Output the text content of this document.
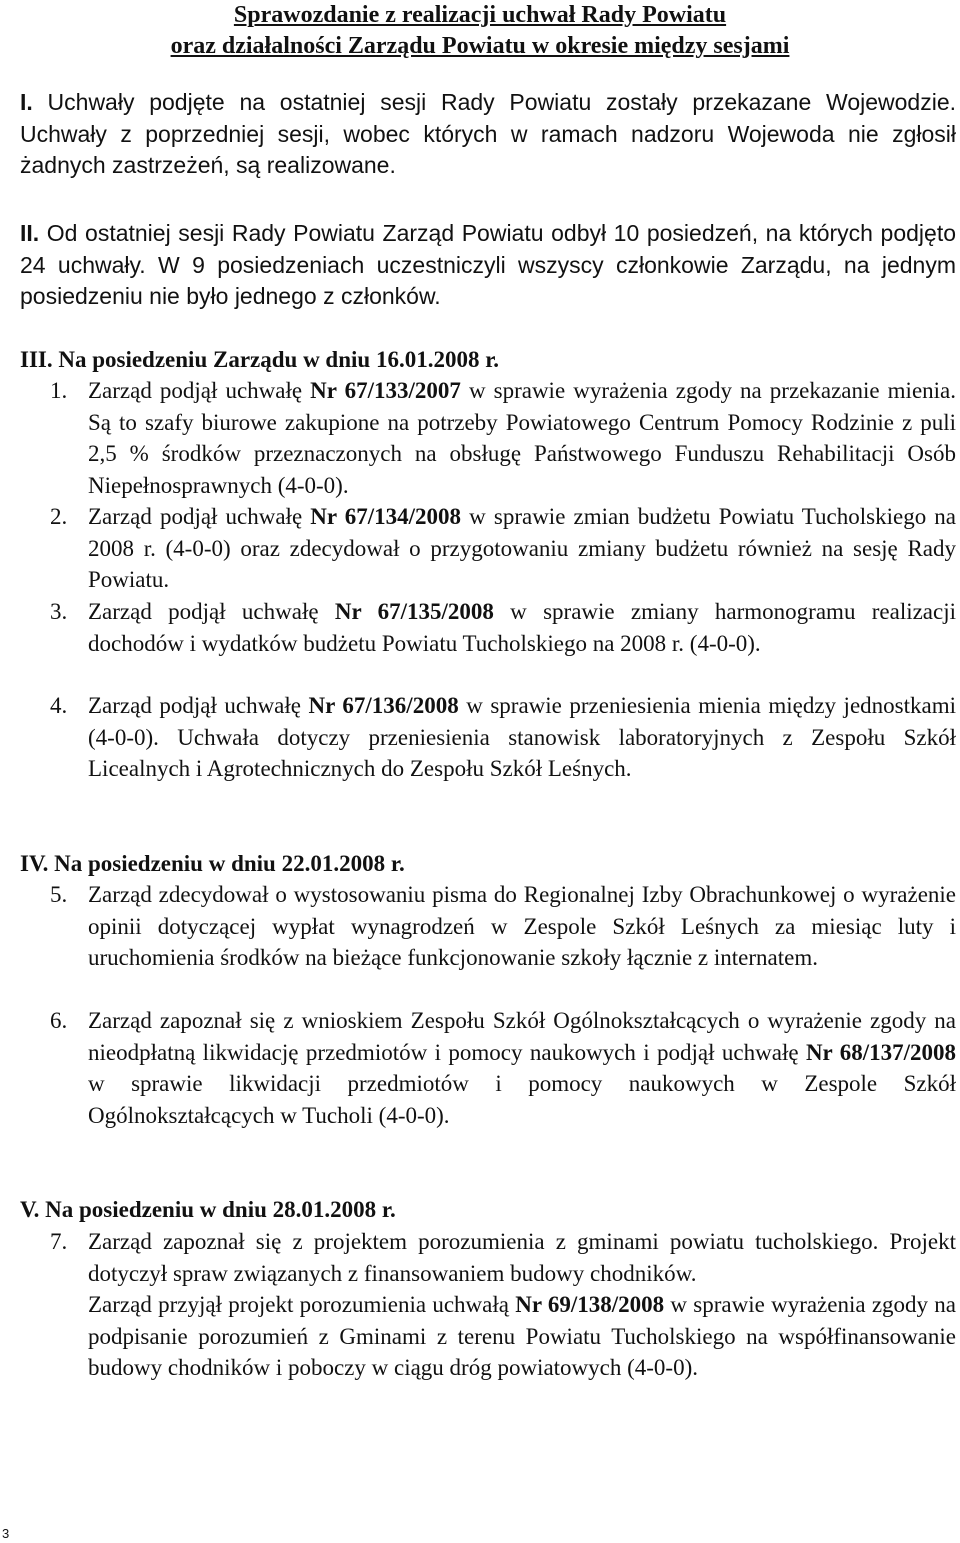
Sprawozdanie z realizacji uchwał Rady Powiatu
oraz działalności Zarządu Powiatu w okresie między sesjami
I. Uchwały podjęte na ostatniej sesji Rady Powiatu zostały przekazane Wojewodzie. Uchwały z poprzedniej sesji, wobec których w ramach nadzoru Wojewoda nie zgłosił żadnych zastrzeżeń, są realizowane.
II. Od ostatniej sesji Rady Powiatu Zarząd Powiatu odbył 10 posiedzeń, na których podjęto 24 uchwały. W 9 posiedzeniach uczestniczyli wszyscy członkowie Zarządu, na jednym posiedzeniu nie było jednego z członków.
III. Na posiedzeniu Zarządu w dniu 16.01.2008 r.
1. Zarząd podjął uchwałę Nr 67/133/2007 w sprawie wyrażenia zgody na przekazanie mienia. Są to szafy biurowe zakupione na potrzeby Powiatowego Centrum Pomocy Rodzinie z puli 2,5 % środków przeznaczonych na obsługę Państwowego Funduszu Rehabilitacji Osób Niepełnosprawnych (4-0-0).
2. Zarząd podjął uchwałę Nr 67/134/2008 w sprawie zmian budżetu Powiatu Tucholskiego na 2008 r. (4-0-0) oraz zdecydował o przygotowaniu zmiany budżetu również na sesję Rady Powiatu.
3. Zarząd podjął uchwałę Nr 67/135/2008 w sprawie zmiany harmonogramu realizacji dochodów i wydatków budżetu Powiatu Tucholskiego na 2008 r. (4-0-0).
4. Zarząd podjął uchwałę Nr 67/136/2008 w sprawie przeniesienia mienia między jednostkami (4-0-0). Uchwała dotyczy przeniesienia stanowisk laboratoryjnych z Zespołu Szkół Licealnych i Agrotechnicznych do Zespołu Szkół Leśnych.
IV. Na posiedzeniu w dniu 22.01.2008 r.
5. Zarząd zdecydował o wystosowaniu pisma do Regionalnej Izby Obrachunkowej o wyrażenie opinii dotyczącej wypłat wynagrodzeń w Zespole Szkół Leśnych za miesiąc luty i uruchomienia środków na bieżące funkcjonowanie szkoły łącznie z internatem.
6. Zarząd zapoznał się z wnioskiem Zespołu Szkół Ogólnokształcących o wyrażenie zgody na nieodpłatną likwidację przedmiotów i pomocy naukowych i podjął uchwałę Nr 68/137/2008 w sprawie likwidacji przedmiotów i pomocy naukowych w Zespole Szkół Ogólnokształcących w Tucholi (4-0-0).
V. Na posiedzeniu w dniu 28.01.2008 r.
7. Zarząd zapoznał się z projektem porozumienia z gminami powiatu tucholskiego. Projekt dotyczył spraw związanych z finansowaniem budowy chodników.

Zarząd przyjął projekt porozumienia uchwałą Nr 69/138/2008 w sprawie wyrażenia zgody na podpisanie porozumień z Gminami z terenu Powiatu Tucholskiego na współfinansowanie budowy chodników i poboczy w ciągu dróg powiatowych (4-0-0).

3
